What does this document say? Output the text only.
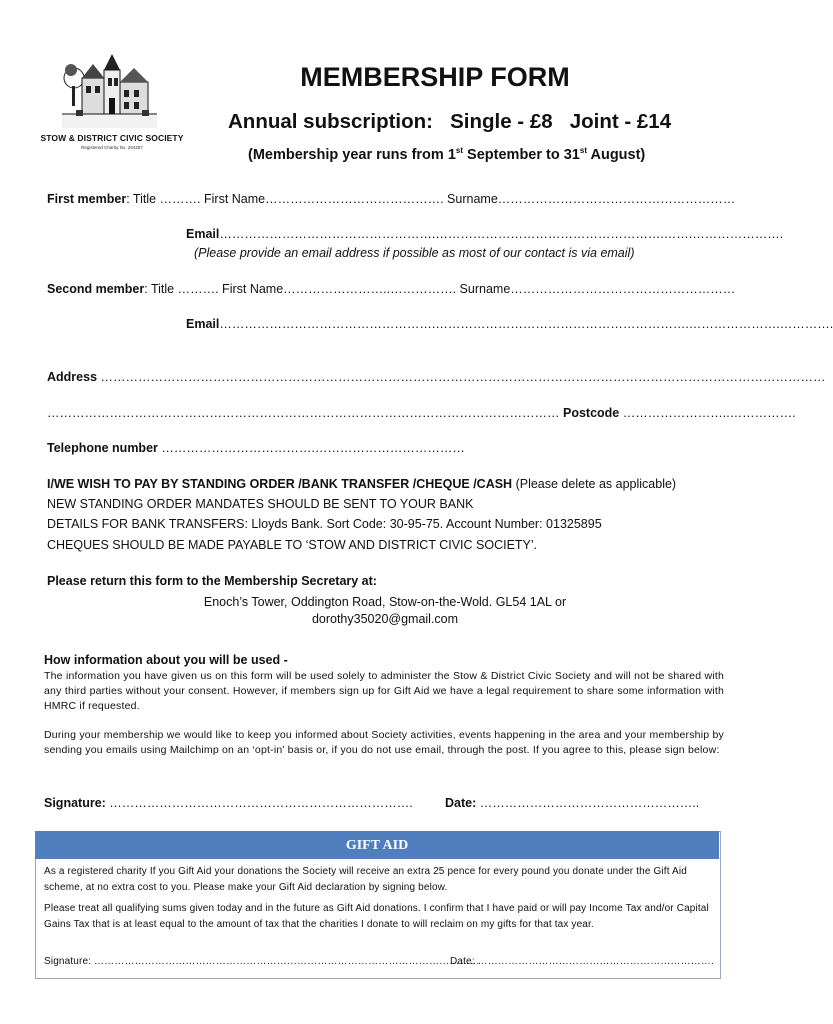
STOW & DISTRICT CIVIC SOCIETY
Registered Charity No. 264287
MEMBERSHIP FORM
Annual subscription: Single - £8 Joint - £14
(Membership year runs from 1st September to 31st August)
First member: Title ………. First Name……………………………………. Surname…………………………………………………
Email…………………………………………….……………………………………………….…….………………….
(Please provide an email address if possible as most of our contact is via email)
Second member: Title ………. First Name……………………..……………. Surname………………………………………………
Email…………………………………………….…………………………………………………….………………….………….
Address …………………………………………………………………………………………………………………………………………………………
…………………………………………………………………………………………………………… Postcode ……………………..…………….
Telephone number ……………………………….………………………………
I/WE WISH TO PAY BY STANDING ORDER /BANK TRANSFER /CHEQUE /CASH (Please delete as applicable)
NEW STANDING ORDER MANDATES SHOULD BE SENT TO YOUR BANK
DETAILS FOR BANK TRANSFERS: Lloyds Bank. Sort Code: 30-95-75. Account Number: 01325895
CHEQUES SHOULD BE MADE PAYABLE TO ‘STOW AND DISTRICT CIVIC SOCIETY’.
Please return this form to the Membership Secretary at:
Enoch’s Tower, Oddington Road, Stow-on-the-Wold. GL54 1AL or
dorothy35020@gmail.com
How information about you will be used -
The information you have given us on this form will be used solely to administer the Stow & District Civic Society and will not be shared with any third parties without your consent. However, if members sign up for Gift Aid we have a legal requirement to share some information with HMRC if requested.
During your membership we would like to keep you informed about Society activities, events happening in the area and your membership by sending you emails using Mailchimp on an ‘opt-in’ basis or, if you do not use email, through the post. If you agree to this, please sign below:
Signature: ……………………………………………………………….	Date: ……………………………………………..
GIFT AID
As a registered charity If you Gift Aid your donations the Society will receive an extra 25 pence for every pound you donate under the Gift Aid scheme, at no extra cost to you. Please make your Gift Aid declaration by signing below.
Please treat all qualifying sums given today and in the future as Gift Aid donations. I confirm that I have paid or will pay Income Tax and/or Capital Gains Tax that is at least equal to the amount of tax that the charities I donate to will reclaim on my gifts for that tax year.
Signature: ……………………………………………………………………………………………………
Date: …………………………………………………………….
